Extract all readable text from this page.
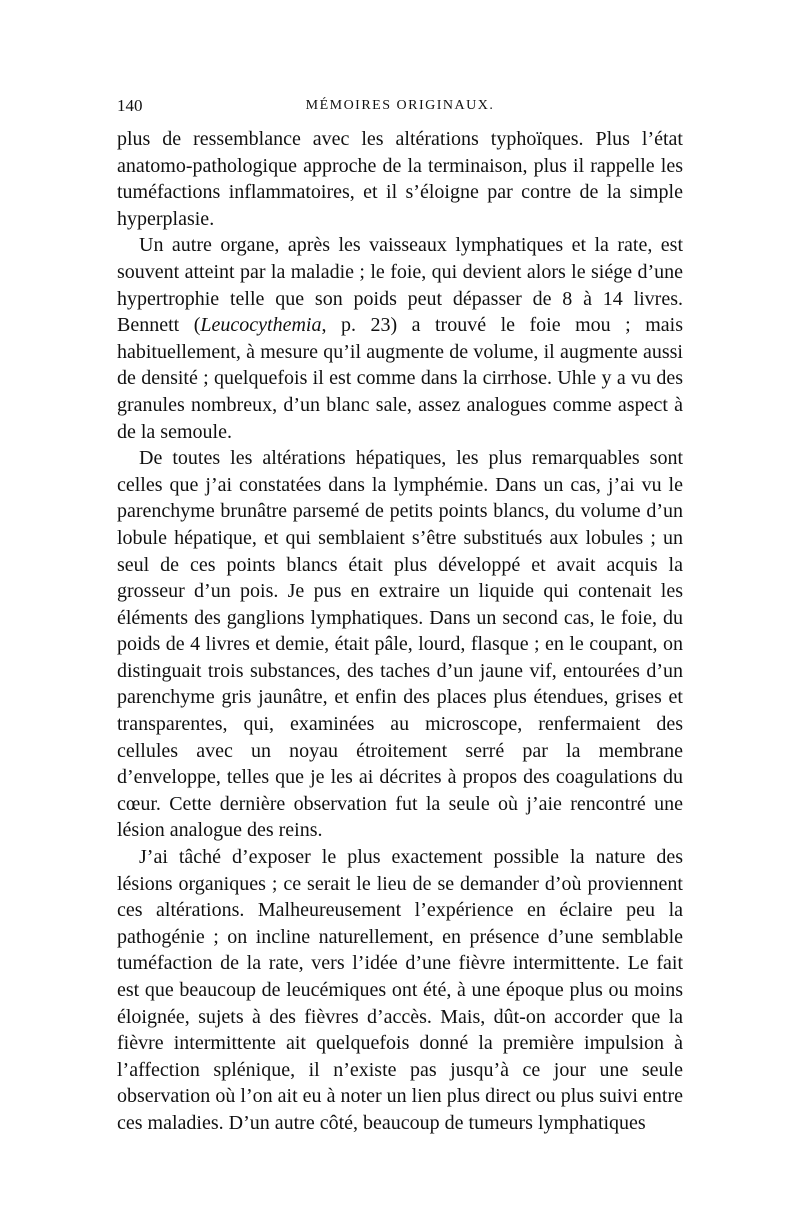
140	MÉMOIRES ORIGINAUX.

plus de ressemblance avec les altérations typhoïques. Plus l’état anatomo-pathologique approche de la terminaison, plus il rappelle les tuméfactions inflammatoires, et il s’éloigne par contre de la simple hyperplasie.

Un autre organe, après les vaisseaux lymphatiques et la rate, est souvent atteint par la maladie ; le foie, qui devient alors le siége d’une hypertrophie telle que son poids peut dépasser de 8 à 14 livres. Bennett (Leucocythemia, p. 23) a trouvé le foie mou ; mais habituellement, à mesure qu’il augmente de volume, il augmente aussi de densité ; quelquefois il est comme dans la cirrhose. Uhle y a vu des granules nombreux, d’un blanc sale, assez analogues comme aspect à de la semoule.

De toutes les altérations hépatiques, les plus remarquables sont celles que j’ai constatées dans la lymphémie. Dans un cas, j’ai vu le parenchyme brunâtre parsemé de petits points blancs, du volume d’un lobule hépatique, et qui semblaient s’être substitués aux lobules ; un seul de ces points blancs était plus développé et avait acquis la grosseur d’un pois. Je pus en extraire un liquide qui contenait les éléments des ganglions lymphatiques. Dans un second cas, le foie, du poids de 4 livres et demie, était pâle, lourd, flasque ; en le coupant, on distinguait trois substances, des taches d’un jaune vif, entourées d’un parenchyme gris jaunâtre, et enfin des places plus étendues, grises et transparentes, qui, examinées au microscope, renfermaient des cellules avec un noyau étroitement serré par la membrane d’enveloppe, telles que je les ai décrites à propos des coagulations du cœur. Cette dernière observation fut la seule où j’aie rencontré une lésion analogue des reins.

J’ai tâché d’exposer le plus exactement possible la nature des lésions organiques ; ce serait le lieu de se demander d’où proviennent ces altérations. Malheureusement l’expérience en éclaire peu la pathogénie ; on incline naturellement, en présence d’une semblable tuméfaction de la rate, vers l’idée d’une fièvre intermittente. Le fait est que beaucoup de leucémiques ont été, à une époque plus ou moins éloignée, sujets à des fièvres d’accès. Mais, dût-on accorder que la fièvre intermittente ait quelquefois donné la première impulsion à l’affection splénique, il n’existe pas jusqu’à ce jour une seule observation où l’on ait eu à noter un lien plus direct ou plus suivi entre ces maladies. D’un autre côté, beaucoup de tumeurs lymphatiques
